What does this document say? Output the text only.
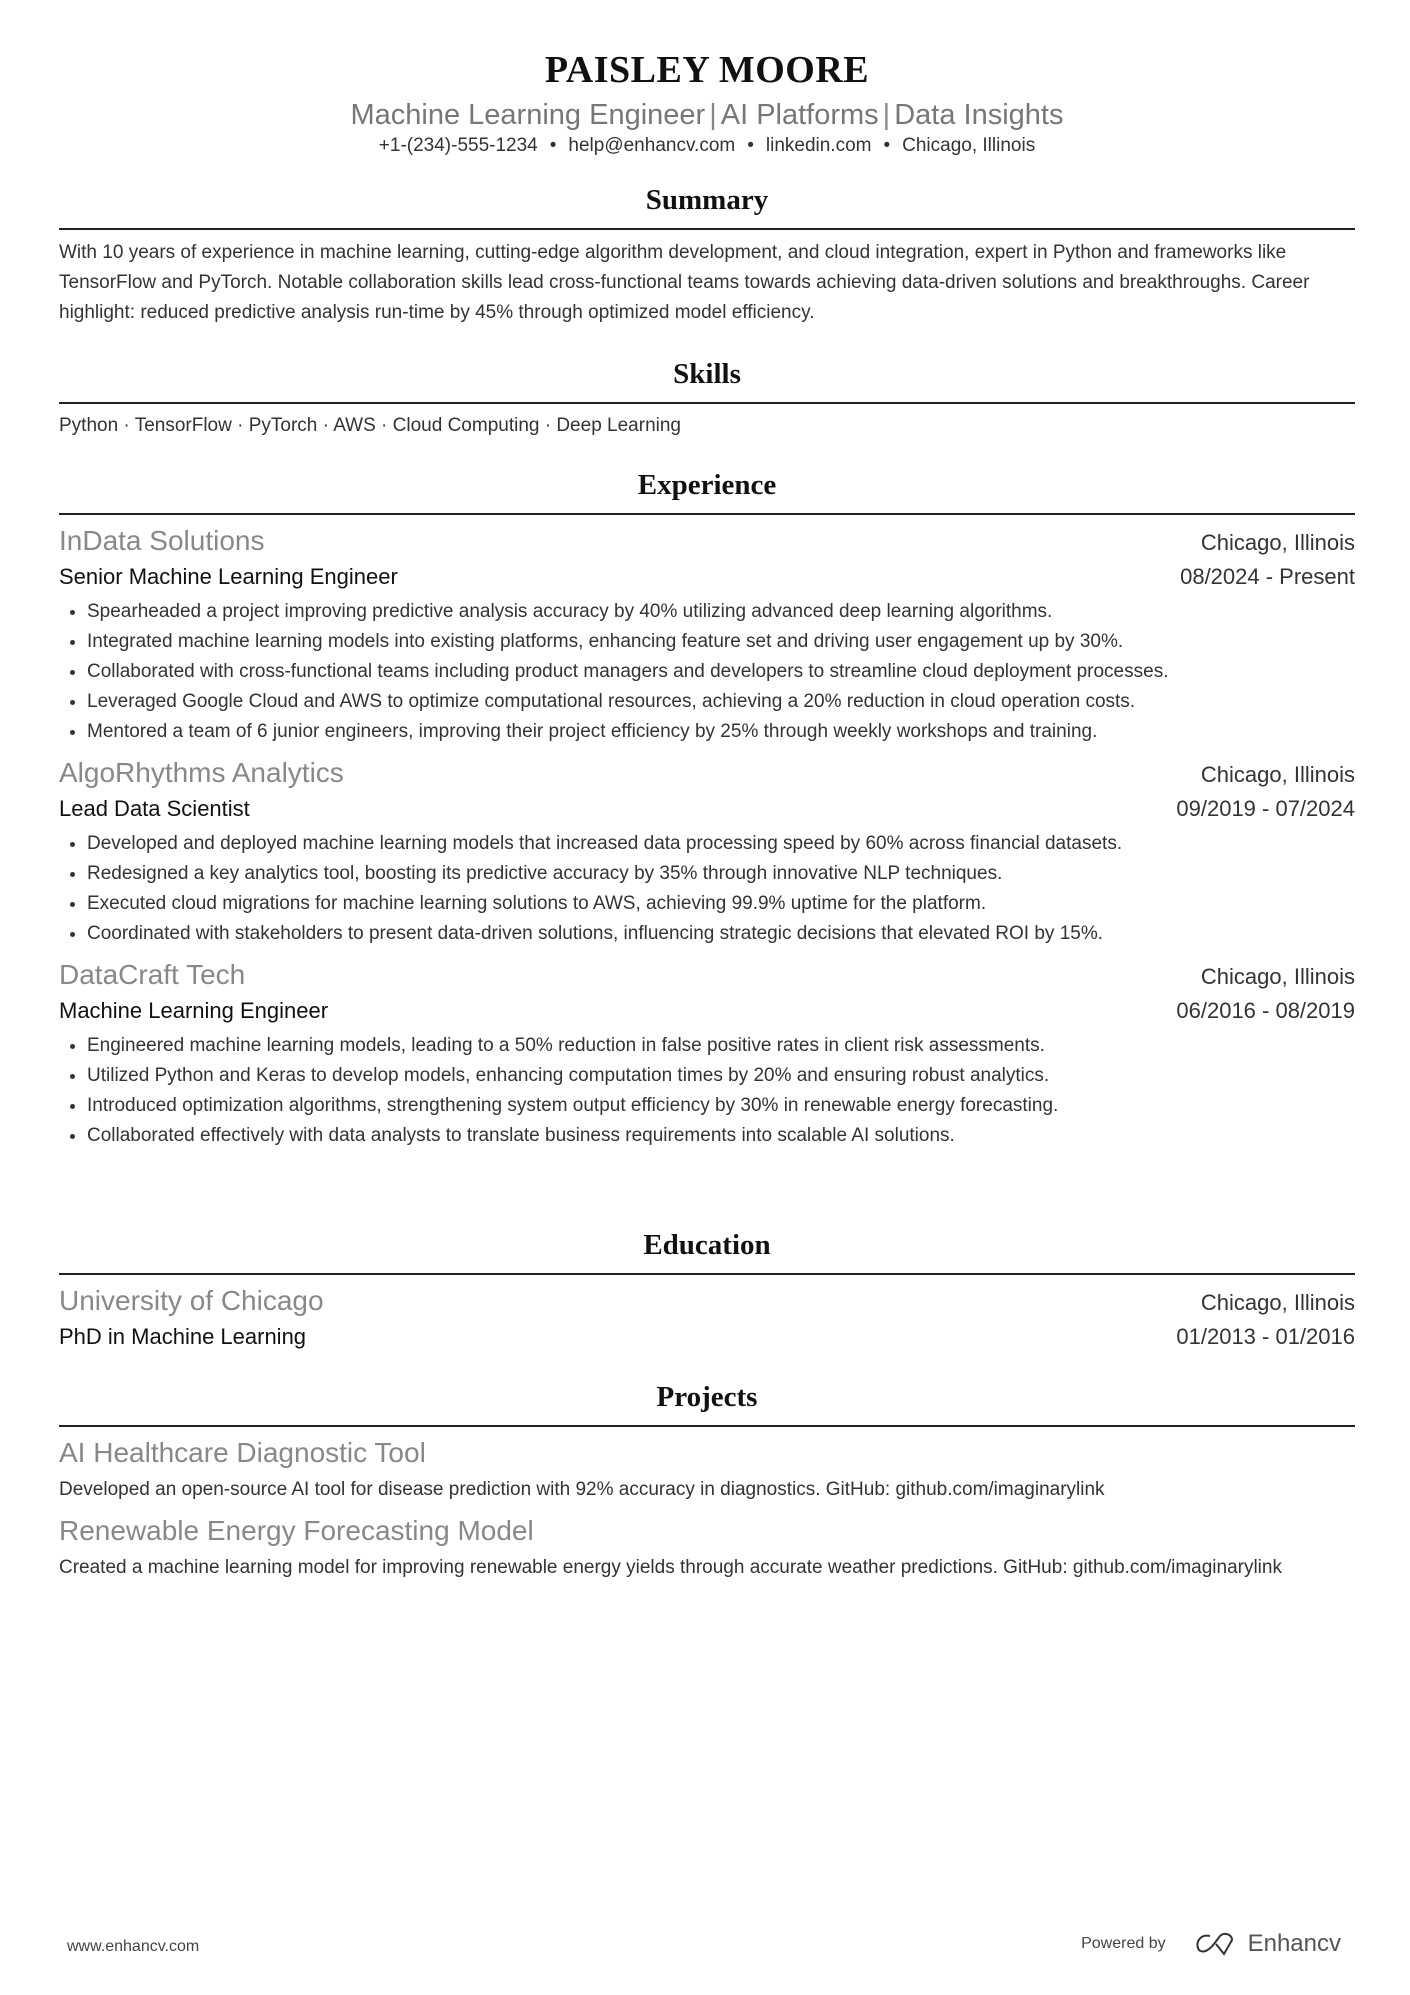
PAISLEY MOORE
Machine Learning Engineer | AI Platforms | Data Insights
+1-(234)-555-1234 • help@enhancv.com • linkedin.com • Chicago, Illinois
Summary
With 10 years of experience in machine learning, cutting-edge algorithm development, and cloud integration, expert in Python and frameworks like TensorFlow and PyTorch. Notable collaboration skills lead cross-functional teams towards achieving data-driven solutions and breakthroughs. Career highlight: reduced predictive analysis run-time by 45% through optimized model efficiency.
Skills
Python · TensorFlow · PyTorch · AWS · Cloud Computing · Deep Learning
Experience
InData Solutions	Chicago, Illinois
Senior Machine Learning Engineer	08/2024 - Present
• Spearheaded a project improving predictive analysis accuracy by 40% utilizing advanced deep learning algorithms.
• Integrated machine learning models into existing platforms, enhancing feature set and driving user engagement up by 30%.
• Collaborated with cross-functional teams including product managers and developers to streamline cloud deployment processes.
• Leveraged Google Cloud and AWS to optimize computational resources, achieving a 20% reduction in cloud operation costs.
• Mentored a team of 6 junior engineers, improving their project efficiency by 25% through weekly workshops and training.
AlgoRhythms Analytics	Chicago, Illinois
Lead Data Scientist	09/2019 - 07/2024
• Developed and deployed machine learning models that increased data processing speed by 60% across financial datasets.
• Redesigned a key analytics tool, boosting its predictive accuracy by 35% through innovative NLP techniques.
• Executed cloud migrations for machine learning solutions to AWS, achieving 99.9% uptime for the platform.
• Coordinated with stakeholders to present data-driven solutions, influencing strategic decisions that elevated ROI by 15%.
DataCraft Tech	Chicago, Illinois
Machine Learning Engineer	06/2016 - 08/2019
• Engineered machine learning models, leading to a 50% reduction in false positive rates in client risk assessments.
• Utilized Python and Keras to develop models, enhancing computation times by 20% and ensuring robust analytics.
• Introduced optimization algorithms, strengthening system output efficiency by 30% in renewable energy forecasting.
• Collaborated effectively with data analysts to translate business requirements into scalable AI solutions.
Education
University of Chicago	Chicago, Illinois
PhD in Machine Learning	01/2013 - 01/2016
Projects
AI Healthcare Diagnostic Tool
Developed an open-source AI tool for disease prediction with 92% accuracy in diagnostics. GitHub: github.com/imaginarylink
Renewable Energy Forecasting Model
Created a machine learning model for improving renewable energy yields through accurate weather predictions. GitHub: github.com/imaginarylink
www.enhancv.com	Powered by	Enhancv
